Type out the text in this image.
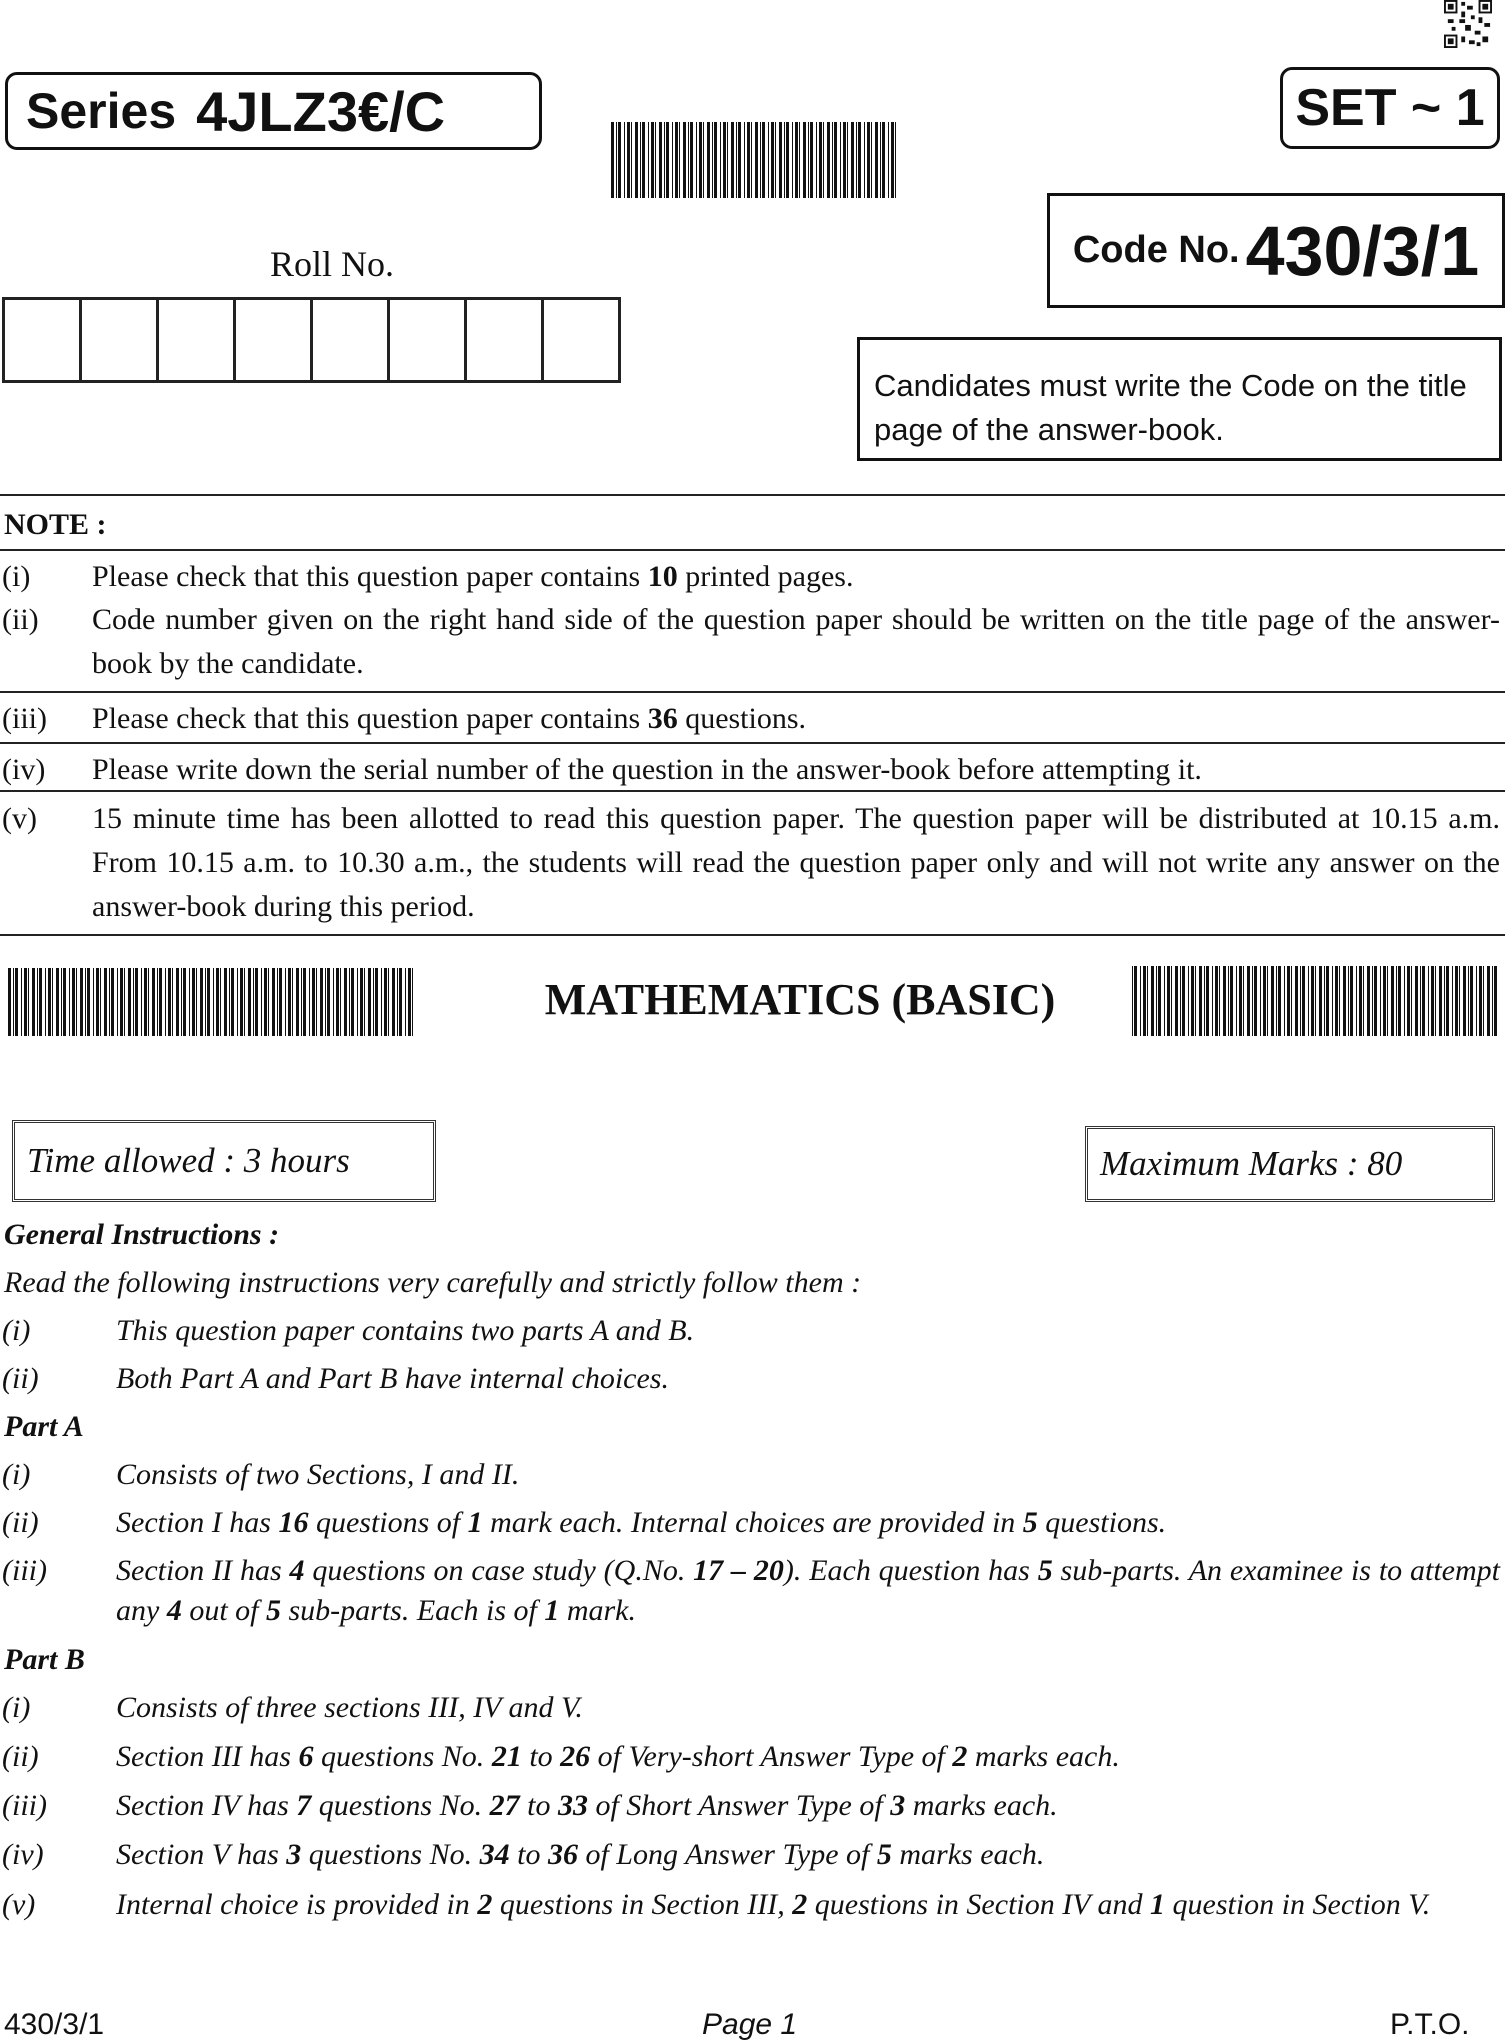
Series 4JLZ3€/C	SET ~ 1
Code No. 430/3/1
Roll No.
Candidates must write the Code on the title page of the answer-book.
NOTE :
(i) Please check that this question paper contains 10 printed pages.
(ii) Code number given on the right hand side of the question paper should be written on the title page of the answer-book by the candidate.
(iii) Please check that this question paper contains 36 questions.
(iv) Please write down the serial number of the question in the answer-book before attempting it.
(v) 15 minute time has been allotted to read this question paper. The question paper will be distributed at 10.15 a.m. From 10.15 a.m. to 10.30 a.m., the students will read the question paper only and will not write any answer on the answer-book during this period.
MATHEMATICS (BASIC)
Time allowed : 3 hours	Maximum Marks : 80
General Instructions :
Read the following instructions very carefully and strictly follow them :
(i)	This question paper contains two parts A and B.
(ii)	Both Part A and Part B have internal choices.
Part A
(i)	Consists of two Sections, I and II.
(ii)	Section I has 16 questions of 1 mark each. Internal choices are provided in 5 questions.
(iii) Section II has 4 questions on case study (Q.No. 17 – 20). Each question has 5 sub-parts. An examinee is to attempt any 4 out of 5 sub-parts. Each is of 1 mark.
Part B
(i)	Consists of three sections III, IV and V.
(ii)	Section III has 6 questions No. 21 to 26 of Very-short Answer Type of 2 marks each.
(iii) Section IV has 7 questions No. 27 to 33 of Short Answer Type of 3 marks each.
(iv) Section V has 3 questions No. 34 to 36 of Long Answer Type of 5 marks each.
(v)	Internal choice is provided in 2 questions in Section III, 2 questions in Section IV and 1 question in Section V.
430/3/1	Page 1	P.T.O.
